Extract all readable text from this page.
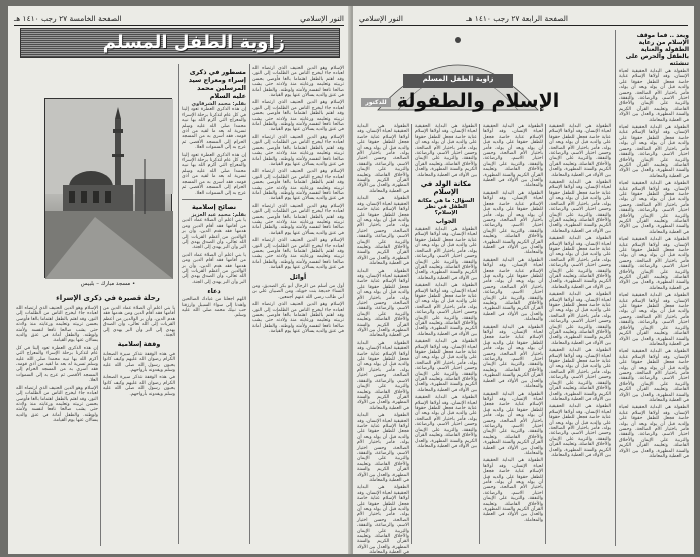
الصفحة الخامسة ٢٧ رجب ١٤١٠ هـ	النور الإسلامي
زاوية الطفل المسلم
• مسجد مبارك – بلبيس
رحلة قصيرة في ذكرى الإسراء
مسطور في ذكرى إسراء ومعراج سيد المرسلين محمد عليه السلام
بقلم: محمد الشرقاوي

إن هذه الذكرى العطرة تعود إلينا في كل عام لتذكرنا برحلة الإسراء والمعراج التي أكرم الله بها نبيه محمدا صلى الله عليه وسلم تسرية له بعد ما لقيه من أذى قومه، فقد أسرى به من المسجد الحرام إلى المسجد الأقصى ثم عرج به إلى السموات العلا.

إن هذه الذكرى العطرة تعود إلينا في كل عام لتذكرنا برحلة الإسراء والمعراج التي أكرم الله بها نبيه محمدا صلى الله عليه وسلم تسرية له بعد ما لقيه من أذى قومه، فقد أسرى به من المسجد الحرام إلى المسجد الأقصى ثم عرج به إلى السموات العلا.

نصائح إسلامية
بقلم: محمد عبد العزيز

يا بني اعلم أن الصلاة عماد الدين من أقامها فقد أقام الدين ومن هدمها فقد هدم الدين، وأن بر الوالدين من أعظم القربات إلى الله تعالى، وأن الصدق يهدي إلى البر وأن البر يهدي إلى الجنة.

يا بني اعلم أن الصلاة عماد الدين من أقامها فقد أقام الدين ومن هدمها فقد هدم الدين، وأن بر الوالدين من أعظم القربات إلى الله تعالى، وأن الصدق يهدي إلى البر وأن البر يهدي إلى الجنة.

دعاء

اللهم اجعلنا من عبادك الصالحين واهدنا إلى سواء السبيل وارزقنا حب نبيك محمد صلى الله عليه وسلم.

الإسلام وهو الدين الحنيف الذي ارتضاه الله لعباده جاء ليخرج الناس من الظلمات إلى النور، وقد اهتم بالطفل اهتماما بالغا فأوصى بحسن تربيته وتعليمه ورعايته منذ ولادته حتى يشب صالحا نافعا لنفسه ولأمته ولوطنه. والطفل أمانة في عنق والديه يسألان عنها يوم القيامة.

الإسلام وهو الدين الحنيف الذي ارتضاه الله لعباده جاء ليخرج الناس من الظلمات إلى النور، وقد اهتم بالطفل اهتماما بالغا فأوصى بحسن تربيته وتعليمه ورعايته منذ ولادته حتى يشب صالحا نافعا لنفسه ولأمته ولوطنه. والطفل أمانة في عنق والديه يسألان عنها يوم القيامة.

الإسلام وهو الدين الحنيف الذي ارتضاه الله لعباده جاء ليخرج الناس من الظلمات إلى النور، وقد اهتم بالطفل اهتماما بالغا فأوصى بحسن تربيته وتعليمه ورعايته منذ ولادته حتى يشب صالحا نافعا لنفسه ولأمته ولوطنه. والطفل أمانة في عنق والديه يسألان عنها يوم القيامة.

الإسلام وهو الدين الحنيف الذي ارتضاه الله لعباده جاء ليخرج الناس من الظلمات إلى النور، وقد اهتم بالطفل اهتماما بالغا فأوصى بحسن تربيته وتعليمه ورعايته منذ ولادته حتى يشب صالحا نافعا لنفسه ولأمته ولوطنه. والطفل أمانة في عنق والديه يسألان عنها يوم القيامة.

الإسلام وهو الدين الحنيف الذي ارتضاه الله لعباده جاء ليخرج الناس من الظلمات إلى النور، وقد اهتم بالطفل اهتماما بالغا فأوصى بحسن تربيته وتعليمه ورعايته منذ ولادته حتى يشب صالحا نافعا لنفسه ولأمته ولوطنه. والطفل أمانة في عنق والديه يسألان عنها يوم القيامة.

الإسلام وهو الدين الحنيف الذي ارتضاه الله لعباده جاء ليخرج الناس من الظلمات إلى النور، وقد اهتم بالطفل اهتماما بالغا فأوصى بحسن تربيته وتعليمه ورعايته منذ ولادته حتى يشب صالحا نافعا لنفسه ولأمته ولوطنه. والطفل أمانة في عنق والديه يسألان عنها يوم القيامة.

أوائل

أول من أسلم من الرجال أبو بكر الصديق، ومن النساء خديجة بنت خويلد، ومن الصبيان علي بن أبي طالب رضي الله عنهم أجمعين.

الإسلام وهو الدين الحنيف الذي ارتضاه الله لعباده جاء ليخرج الناس من الظلمات إلى النور، وقد اهتم بالطفل اهتماما بالغا فأوصى بحسن تربيته وتعليمه ورعايته منذ ولادته حتى يشب صالحا نافعا لنفسه ولأمته ولوطنه. والطفل أمانة في عنق والديه يسألان عنها يوم القيامة.

الإسلام وهو الدين الحنيف الذي ارتضاه الله لعباده جاء ليخرج الناس من الظلمات إلى النور، وقد اهتم بالطفل اهتماما بالغا فأوصى بحسن تربيته وتعليمه ورعايته منذ ولادته حتى يشب صالحا نافعا لنفسه ولأمته ولوطنه. والطفل أمانة في عنق والديه يسألان عنها يوم القيامة.

إن هذه الذكرى العطرة تعود إلينا في كل عام لتذكرنا برحلة الإسراء والمعراج التي أكرم الله بها نبيه محمدا صلى الله عليه وسلم تسرية له بعد ما لقيه من أذى قومه، فقد أسرى به من المسجد الحرام إلى المسجد الأقصى ثم عرج به إلى السموات العلا.

الإسلام وهو الدين الحنيف الذي ارتضاه الله لعباده جاء ليخرج الناس من الظلمات إلى النور، وقد اهتم بالطفل اهتماما بالغا فأوصى بحسن تربيته وتعليمه ورعايته منذ ولادته حتى يشب صالحا نافعا لنفسه ولأمته ولوطنه. والطفل أمانة في عنق والديه يسألان عنها يوم القيامة.

يا بني اعلم أن الصلاة عماد الدين من أقامها فقد أقام الدين ومن هدمها فقد هدم الدين، وأن بر الوالدين من أعظم القربات إلى الله تعالى، وأن الصدق يهدي إلى البر وأن البر يهدي إلى الجنة.

وقفة إسلامية

في هذه الوقفة نتذكر سيرة الصحابة الكرام رضوان الله عليهم وكيف كانوا يحبون رسول الله صلى الله عليه وسلم ويفدونه بأرواحهم.

في هذه الوقفة نتذكر سيرة الصحابة الكرام رضوان الله عليهم وكيف كانوا يحبون رسول الله صلى الله عليه وسلم ويفدونه بأرواحهم.

النور الإسلامي	الصفحة الرابعة ٢٧ رجب ١٤١٠ هـ
زاوية الطفل المسلم
الإسلام والطفولة
للدكتور
وبعد .. فما موقف الإسلام من رعاية الطفولة والعناية بالطفل والحرص على تنشئته

الطفولة هي البداية الحقيقية لحياة الإنسان، وقد أولاها الإسلام عناية خاصة فجعل للطفل حقوقا على والديه قبل أن يولد وبعد أن يولد، فأمر باختيار الأم الصالحة، وحسن اختيار الاسم، والرضاعة، والنفقة، والتربية على الإيمان والأخلاق الفاضلة، وتعليمه القرآن الكريم والسنة المطهرة، والعدل بين الأولاد في العطية والمعاملة.

الطفولة هي البداية الحقيقية لحياة الإنسان، وقد أولاها الإسلام عناية خاصة فجعل للطفل حقوقا على والديه قبل أن يولد وبعد أن يولد، فأمر باختيار الأم الصالحة، وحسن اختيار الاسم، والرضاعة، والنفقة، والتربية على الإيمان والأخلاق الفاضلة، وتعليمه القرآن الكريم والسنة المطهرة، والعدل بين الأولاد في العطية والمعاملة.

الطفولة هي البداية الحقيقية لحياة الإنسان، وقد أولاها الإسلام عناية خاصة فجعل للطفل حقوقا على والديه قبل أن يولد وبعد أن يولد، فأمر باختيار الأم الصالحة، وحسن اختيار الاسم، والرضاعة، والنفقة، والتربية على الإيمان والأخلاق الفاضلة، وتعليمه القرآن الكريم والسنة المطهرة، والعدل بين الأولاد في العطية والمعاملة.

الطفولة هي البداية الحقيقية لحياة الإنسان، وقد أولاها الإسلام عناية خاصة فجعل للطفل حقوقا على والديه قبل أن يولد وبعد أن يولد، فأمر باختيار الأم الصالحة، وحسن اختيار الاسم، والرضاعة، والنفقة، والتربية على الإيمان والأخلاق الفاضلة، وتعليمه القرآن الكريم والسنة المطهرة، والعدل بين الأولاد في العطية والمعاملة.

الطفولة هي البداية الحقيقية لحياة الإنسان، وقد أولاها الإسلام عناية خاصة فجعل للطفل حقوقا على والديه قبل أن يولد وبعد أن يولد، فأمر باختيار الأم الصالحة، وحسن اختيار الاسم، والرضاعة، والنفقة، والتربية على الإيمان والأخلاق الفاضلة، وتعليمه القرآن الكريم والسنة المطهرة، والعدل بين الأولاد في العطية والمعاملة.

الطفولة هي البداية الحقيقية لحياة الإنسان، وقد أولاها الإسلام عناية خاصة فجعل للطفل حقوقا على والديه قبل أن يولد وبعد أن يولد، فأمر باختيار الأم الصالحة، وحسن اختيار الاسم، والرضاعة، والنفقة، والتربية على الإيمان والأخلاق الفاضلة، وتعليمه القرآن الكريم والسنة المطهرة، والعدل بين الأولاد في العطية والمعاملة.

الطفولة هي البداية الحقيقية لحياة الإنسان، وقد أولاها الإسلام عناية خاصة فجعل للطفل حقوقا على والديه قبل أن يولد وبعد أن يولد، فأمر باختيار الأم الصالحة، وحسن اختيار الاسم، والرضاعة، والنفقة، والتربية على الإيمان والأخلاق الفاضلة، وتعليمه القرآن الكريم والسنة المطهرة، والعدل بين الأولاد في العطية والمعاملة.

الطفولة هي البداية الحقيقية لحياة الإنسان، وقد أولاها الإسلام عناية خاصة فجعل للطفل حقوقا على والديه قبل أن يولد وبعد أن يولد، فأمر باختيار الأم الصالحة، وحسن اختيار الاسم، والرضاعة، والنفقة، والتربية على الإيمان والأخلاق الفاضلة، وتعليمه القرآن الكريم والسنة المطهرة، والعدل بين الأولاد في العطية والمعاملة.

الطفولة هي البداية الحقيقية لحياة الإنسان، وقد أولاها الإسلام عناية خاصة فجعل للطفل حقوقا على والديه قبل أن يولد وبعد أن يولد، فأمر باختيار الأم الصالحة، وحسن اختيار الاسم، والرضاعة، والنفقة، والتربية على الإيمان والأخلاق الفاضلة، وتعليمه القرآن الكريم والسنة المطهرة، والعدل بين الأولاد في العطية والمعاملة.

الطفولة هي البداية الحقيقية لحياة الإنسان، وقد أولاها الإسلام عناية خاصة فجعل للطفل حقوقا على والديه قبل أن يولد وبعد أن يولد، فأمر باختيار الأم الصالحة، وحسن اختيار الاسم، والرضاعة، والنفقة، والتربية على الإيمان والأخلاق الفاضلة، وتعليمه القرآن الكريم والسنة المطهرة، والعدل بين الأولاد في العطية والمعاملة.

الطفولة هي البداية الحقيقية لحياة الإنسان، وقد أولاها الإسلام عناية خاصة فجعل للطفل حقوقا على والديه قبل أن يولد وبعد أن يولد، فأمر باختيار الأم الصالحة، وحسن اختيار الاسم، والرضاعة، والنفقة، والتربية على الإيمان والأخلاق الفاضلة، وتعليمه القرآن الكريم والسنة المطهرة، والعدل بين الأولاد في العطية والمعاملة.

الطفولة هي البداية الحقيقية لحياة الإنسان، وقد أولاها الإسلام عناية خاصة فجعل للطفل حقوقا على والديه قبل أن يولد وبعد أن يولد، فأمر باختيار الأم الصالحة، وحسن اختيار الاسم، والرضاعة، والنفقة، والتربية على الإيمان والأخلاق الفاضلة، وتعليمه القرآن الكريم والسنة المطهرة، والعدل بين الأولاد في العطية والمعاملة.

الطفولة هي البداية الحقيقية لحياة الإنسان، وقد أولاها الإسلام عناية خاصة فجعل للطفل حقوقا على والديه قبل أن يولد وبعد أن يولد، فأمر باختيار الأم الصالحة، وحسن اختيار الاسم، والرضاعة، والنفقة، والتربية على الإيمان والأخلاق الفاضلة، وتعليمه القرآن الكريم والسنة المطهرة، والعدل بين الأولاد في العطية والمعاملة.

الطفولة هي البداية الحقيقية لحياة الإنسان، وقد أولاها الإسلام عناية خاصة فجعل للطفل حقوقا على والديه قبل أن يولد وبعد أن يولد، فأمر باختيار الأم الصالحة، وحسن اختيار الاسم، والرضاعة، والنفقة، والتربية على الإيمان والأخلاق الفاضلة، وتعليمه القرآن الكريم والسنة المطهرة، والعدل بين الأولاد في العطية والمعاملة.

الطفولة هي البداية الحقيقية لحياة الإنسان، وقد أولاها الإسلام عناية خاصة فجعل للطفل حقوقا على والديه قبل أن يولد وبعد أن يولد، فأمر باختيار الأم الصالحة، وحسن اختيار الاسم، والرضاعة، والنفقة، والتربية على الإيمان والأخلاق الفاضلة، وتعليمه القرآن الكريم والسنة المطهرة، والعدل بين الأولاد في العطية والمعاملة.

الطفولة هي البداية الحقيقية لحياة الإنسان، وقد أولاها الإسلام عناية خاصة فجعل للطفل حقوقا على والديه قبل أن يولد وبعد أن يولد، فأمر باختيار الأم الصالحة، وحسن اختيار الاسم، والرضاعة، والنفقة، والتربية على الإيمان والأخلاق الفاضلة، وتعليمه القرآن الكريم والسنة المطهرة، والعدل بين الأولاد في العطية والمعاملة.

الطفولة هي البداية الحقيقية لحياة الإنسان، وقد أولاها الإسلام عناية خاصة فجعل للطفل حقوقا على والديه قبل أن يولد وبعد أن يولد، فأمر باختيار الأم الصالحة، وحسن اختيار الاسم، والرضاعة، والنفقة، والتربية على الإيمان والأخلاق الفاضلة، وتعليمه القرآن الكريم والسنة المطهرة، والعدل بين الأولاد في العطية والمعاملة.

الطفولة هي البداية الحقيقية لحياة الإنسان، وقد أولاها الإسلام عناية خاصة فجعل للطفل حقوقا على والديه قبل أن يولد وبعد أن يولد، فأمر باختيار الأم الصالحة، وحسن اختيار الاسم، والرضاعة، والنفقة، والتربية على الإيمان والأخلاق الفاضلة، وتعليمه القرآن الكريم والسنة المطهرة، والعدل بين الأولاد في العطية والمعاملة.

الطفولة هي البداية الحقيقية لحياة الإنسان، وقد أولاها الإسلام عناية خاصة فجعل للطفل حقوقا على والديه قبل أن يولد وبعد أن يولد، فأمر باختيار الأم الصالحة، وحسن اختيار الاسم، والرضاعة، والنفقة، والتربية على الإيمان والأخلاق الفاضلة، وتعليمه القرآن الكريم والسنة المطهرة، والعدل بين الأولاد في العطية والمعاملة.

الطفولة هي البداية الحقيقية لحياة الإنسان، وقد أولاها الإسلام عناية خاصة فجعل للطفل حقوقا على والديه قبل أن يولد وبعد أن يولد، فأمر باختيار الأم الصالحة، وحسن اختيار الاسم، والرضاعة، والنفقة، والتربية على الإيمان والأخلاق الفاضلة، وتعليمه القرآن الكريم والسنة المطهرة، والعدل بين الأولاد في العطية والمعاملة.

مكانة الولد في الإسلام
السؤال: ما هي مكانة الطفل في نظر الإسلام؟
الجواب

الطفولة هي البداية الحقيقية لحياة الإنسان، وقد أولاها الإسلام عناية خاصة فجعل للطفل حقوقا على والديه قبل أن يولد وبعد أن يولد، فأمر باختيار الأم الصالحة، وحسن اختيار الاسم، والرضاعة، والنفقة، والتربية على الإيمان والأخلاق الفاضلة، وتعليمه القرآن الكريم والسنة المطهرة، والعدل بين الأولاد في العطية والمعاملة.

الطفولة هي البداية الحقيقية لحياة الإنسان، وقد أولاها الإسلام عناية خاصة فجعل للطفل حقوقا على والديه قبل أن يولد وبعد أن يولد، فأمر باختيار الأم الصالحة، وحسن اختيار الاسم، والرضاعة، والنفقة، والتربية على الإيمان والأخلاق الفاضلة، وتعليمه القرآن الكريم والسنة المطهرة، والعدل بين الأولاد في العطية والمعاملة.

الطفولة هي البداية الحقيقية لحياة الإنسان، وقد أولاها الإسلام عناية خاصة فجعل للطفل حقوقا على والديه قبل أن يولد وبعد أن يولد، فأمر باختيار الأم الصالحة، وحسن اختيار الاسم، والرضاعة، والنفقة، والتربية على الإيمان والأخلاق الفاضلة، وتعليمه القرآن الكريم والسنة المطهرة، والعدل بين الأولاد في العطية والمعاملة.

الطفولة هي البداية الحقيقية لحياة الإنسان، وقد أولاها الإسلام عناية خاصة فجعل للطفل حقوقا على والديه قبل أن يولد وبعد أن يولد، فأمر باختيار الأم الصالحة، وحسن اختيار الاسم، والرضاعة، والنفقة، والتربية على الإيمان والأخلاق الفاضلة، وتعليمه القرآن الكريم والسنة المطهرة، والعدل بين الأولاد في العطية والمعاملة.

الطفولة هي البداية الحقيقية لحياة الإنسان، وقد أولاها الإسلام عناية خاصة فجعل للطفل حقوقا على والديه قبل أن يولد وبعد أن يولد، فأمر باختيار الأم الصالحة، وحسن اختيار الاسم، والرضاعة، والنفقة، والتربية على الإيمان والأخلاق الفاضلة، وتعليمه القرآن الكريم والسنة المطهرة، والعدل بين الأولاد في العطية والمعاملة.

الطفولة هي البداية الحقيقية لحياة الإنسان، وقد أولاها الإسلام عناية خاصة فجعل للطفل حقوقا على والديه قبل أن يولد وبعد أن يولد، فأمر باختيار الأم الصالحة، وحسن اختيار الاسم، والرضاعة، والنفقة، والتربية على الإيمان والأخلاق الفاضلة، وتعليمه القرآن الكريم والسنة المطهرة، والعدل بين الأولاد في العطية والمعاملة.

الطفولة هي البداية الحقيقية لحياة الإنسان، وقد أولاها الإسلام عناية خاصة فجعل للطفل حقوقا على والديه قبل أن يولد وبعد أن يولد، فأمر باختيار الأم الصالحة، وحسن اختيار الاسم، والرضاعة، والنفقة، والتربية على الإيمان والأخلاق الفاضلة، وتعليمه القرآن الكريم والسنة المطهرة، والعدل بين الأولاد في العطية والمعاملة.

الطفولة هي البداية الحقيقية لحياة الإنسان، وقد أولاها الإسلام عناية خاصة فجعل للطفل حقوقا على والديه قبل أن يولد وبعد أن يولد، فأمر باختيار الأم الصالحة، وحسن اختيار الاسم، والرضاعة، والنفقة، والتربية على الإيمان والأخلاق الفاضلة، وتعليمه القرآن الكريم والسنة المطهرة، والعدل بين الأولاد في العطية والمعاملة.

الطفولة هي البداية الحقيقية لحياة الإنسان، وقد أولاها الإسلام عناية خاصة فجعل للطفل حقوقا على والديه قبل أن يولد وبعد أن يولد، فأمر باختيار الأم الصالحة، وحسن اختيار الاسم، والرضاعة، والنفقة، والتربية على الإيمان والأخلاق الفاضلة، وتعليمه القرآن الكريم والسنة المطهرة، والعدل بين الأولاد في العطية والمعاملة.

الطفولة هي البداية الحقيقية لحياة الإنسان، وقد أولاها الإسلام عناية خاصة فجعل للطفل حقوقا على والديه قبل أن يولد وبعد أن يولد، فأمر باختيار الأم الصالحة، وحسن اختيار الاسم، والرضاعة، والنفقة، والتربية على الإيمان والأخلاق الفاضلة، وتعليمه القرآن الكريم والسنة المطهرة، والعدل بين الأولاد في العطية والمعاملة.
